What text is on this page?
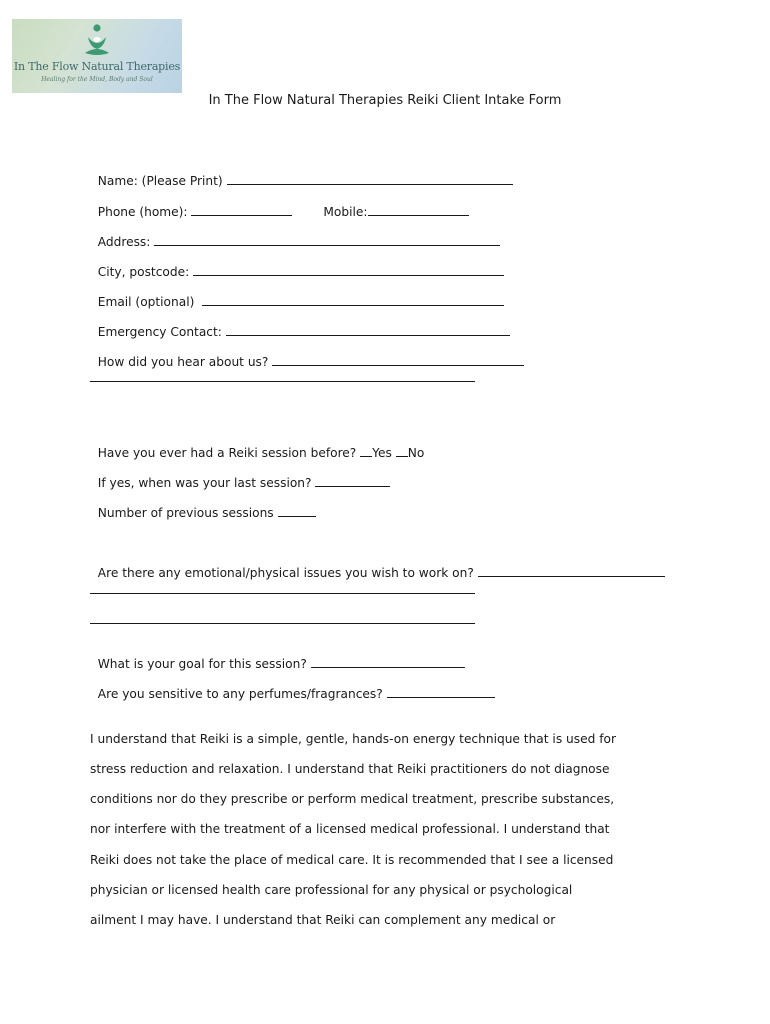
In The Flow Natural Therapies
Healing for the Mind, Body and Soul
In The Flow Natural Therapies Reiki Client Intake Form

Name: (Please Print)

Phone (home):	Mobile:

Address:

City, postcode:

Email (optional)

Emergency Contact:

How did you hear about us?

Have you ever had a Reiki session before? Yes No

If yes, when was your last session?

Number of previous sessions

Are there any emotional/physical issues you wish to work on?

What is your goal for this session?

Are you sensitive to any perfumes/fragrances?

I understand that Reiki is a simple, gentle, hands-on energy technique that is used for
stress reduction and relaxation. I understand that Reiki practitioners do not diagnose
conditions nor do they prescribe or perform medical treatment, prescribe substances,
nor interfere with the treatment of a licensed medical professional. I understand that
Reiki does not take the place of medical care. It is recommended that I see a licensed
physician or licensed health care professional for any physical or psychological
ailment I may have. I understand that Reiki can complement any medical or
